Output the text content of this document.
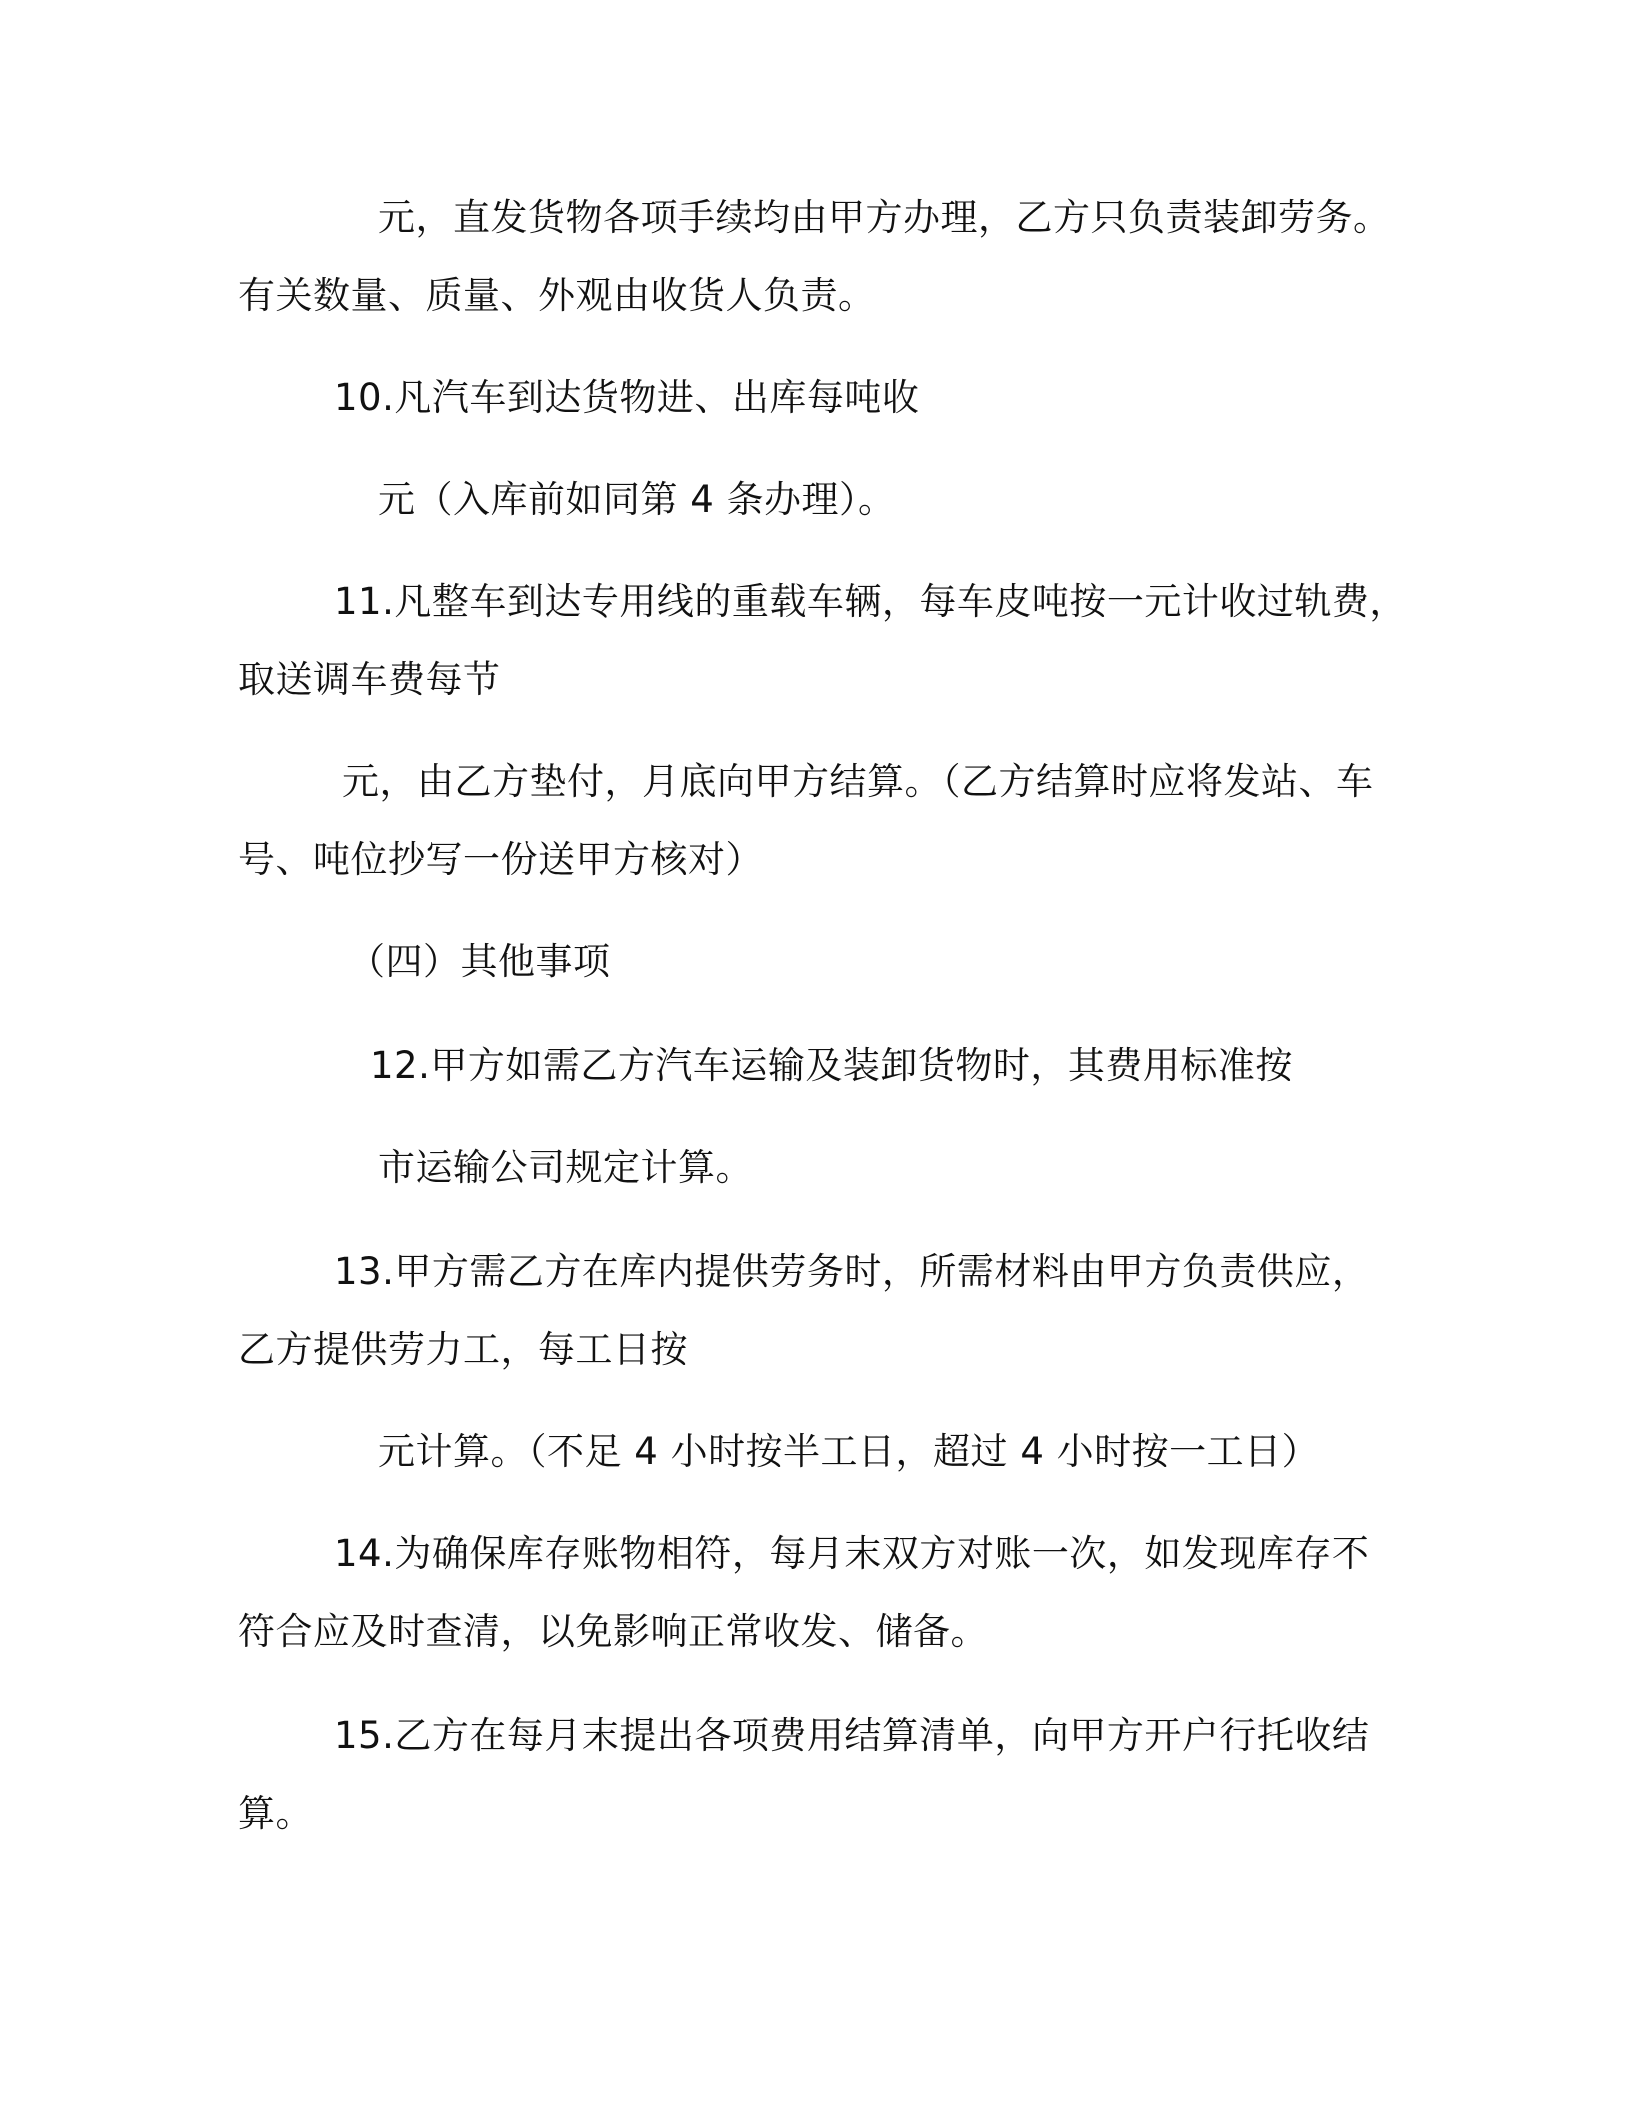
元，直发货物各项手续均由甲方办理，乙方只负责装卸劳务。
有关数量、质量、外观由收货人负责。
10.凡汽车到达货物进、出库每吨收
元（入库前如同第 4 条办理）。
11.凡整车到达专用线的重载车辆，每车皮吨按一元计收过轨费，
取送调车费每节
元，由乙方垫付，月底向甲方结算。（乙方结算时应将发站、车
号、吨位抄写一份送甲方核对）
（四）其他事项
12.甲方如需乙方汽车运输及装卸货物时，其费用标准按
市运输公司规定计算。
13.甲方需乙方在库内提供劳务时，所需材料由甲方负责供应，
乙方提供劳力工，每工日按
元计算。（不足 4 小时按半工日，超过 4 小时按一工日）
14.为确保库存账物相符，每月末双方对账一次，如发现库存不
符合应及时查清，以免影响正常收发、储备。
15.乙方在每月末提出各项费用结算清单，向甲方开户行托收结
算。
